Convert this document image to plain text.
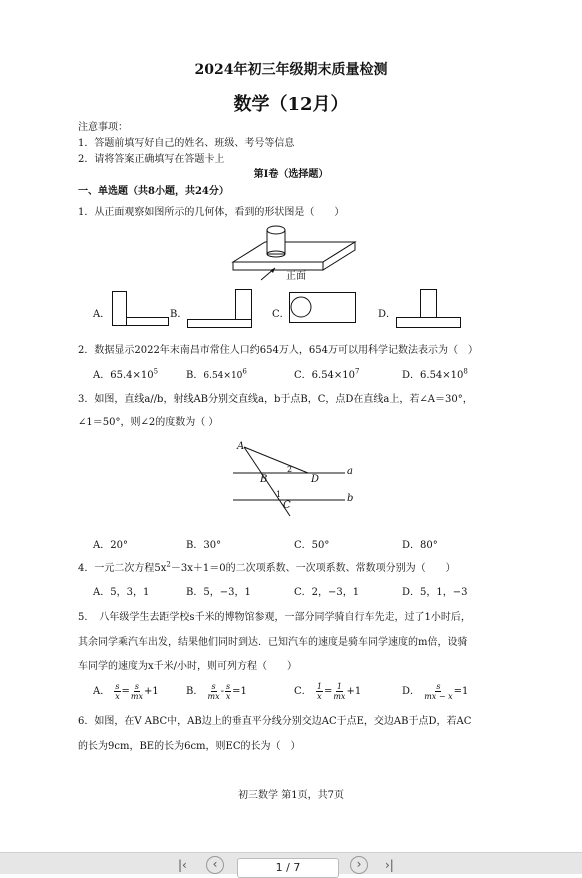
2024年初三年级期末质量检测
数学（12月）
注意事项：
1．答题前填写好自己的姓名、班级、考号等信息
2．请将答案正确填写在答题卡上
第I卷（选择题）
一、单选题（共8小题，共24分）
1．从正面观察如图所示的几何体，看到的形状图是（　　）
正面
A．	B．	C．	D．
2．数据显示2022年末南昌市常住人口约654万人，654万可以用科学记数法表示为（　）
A．$65.4\times 10^5$	B．$6.54\times 10^6$	C．$6.54\times 10^7$	D．$6.54\times 10^8$
3．如图，直线a//b，射线AB分别交直线a，b于点B，C，点D在直线a上，若∠A＝30°，
∠1＝50°，则∠2的度数为（ ）
A
B
C
D
a
b
1
2
A．20°	B．30°	C．50°	D．80°
4．一元二次方程$5x^2-3x+1=0$的二次项系数、一次项系数、常数项分别为（　　）
A．5，3，1	B．5，−3，1	C．2，−3，1	D．5，1，−3
5．　八年级学生去距学校s千米的博物馆参观，一部分同学骑自行车先走，过了1小时后，
其余同学乘汽车出发，结果他们同时到达．已知汽车的速度是骑车同学速度的m倍，设骑
车同学的速度为x千米/小时，则可列方程（　　）
A． $\frac{s}{x} = \frac{s}{mx} +1$	B． $\frac{s}{mx} - \frac{s}{x} =1$	C． $\frac{1}{x} = \frac{1}{mx} +1$	D． $\frac{s}{mx - x} =1$
6．如图，在V ABC中，AB边上的垂直平分线分别交边AC于点E，交边AB于点D，若AC
的长为9cm，BE的长为6cm，则EC的长为（　）
初三数学 第1页，共7页
|‹	‹	1 / 7	›	›|
